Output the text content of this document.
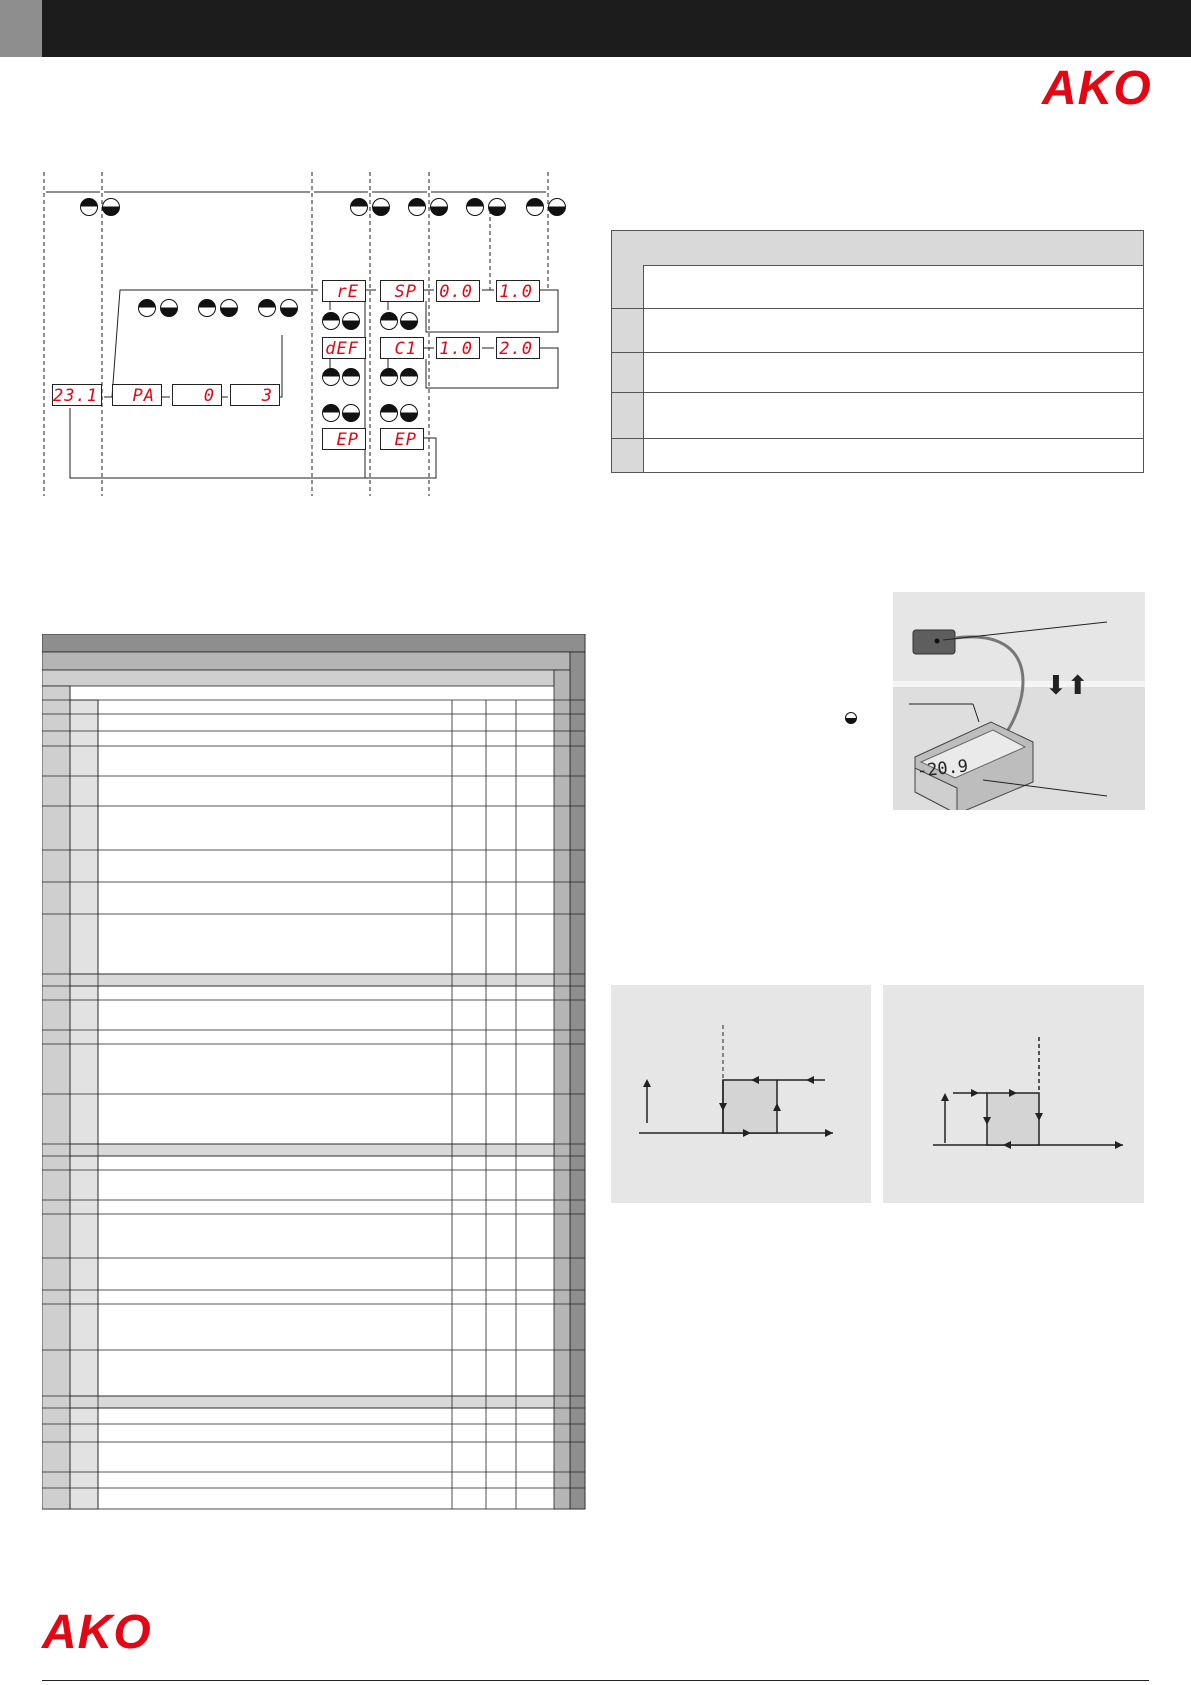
AKO
23.1	PA	0	3
rE
dEF
EP
SP
C1
EP
0.0	1.0
1.0	2.0
⬇⬆
-20.9
AKO
